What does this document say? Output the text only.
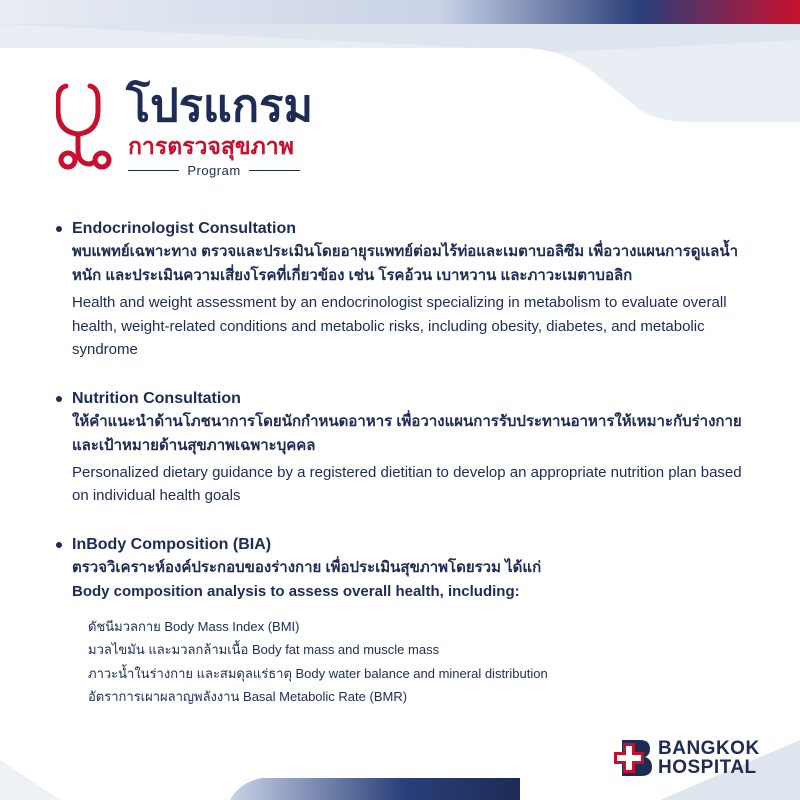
โปรแกรม
การตรวจสุขภาพ
Program
Endocrinologist Consultation
พบแพทย์เฉพาะทาง ตรวจและประเมินโดยอายุรแพทย์ต่อมไร้ท่อและเมตาบอลิซึม เพื่อวางแผนการดูแลน้ำหนัก และประเมินความเสี่ยงโรคที่เกี่ยวข้อง เช่น โรคอ้วน เบาหวาน และภาวะเมตาบอลิก
Health and weight assessment by an endocrinologist specializing in metabolism to evaluate overall health, weight-related conditions and metabolic risks, including obesity, diabetes, and metabolic syndrome
Nutrition Consultation
ให้คำแนะนำด้านโภชนาการโดยนักกำหนดอาหาร เพื่อวางแผนการรับประทานอาหารให้เหมาะกับร่างกายและเป้าหมายด้านสุขภาพเฉพาะบุคคล
Personalized dietary guidance by a registered dietitian to develop an appropriate nutrition plan based on individual health goals
InBody Composition (BIA)
ตรวจวิเคราะห์องค์ประกอบของร่างกาย เพื่อประเมินสุขภาพโดยรวม ได้แก่
Body composition analysis to assess overall health, including:
ดัชนีมวลกาย Body Mass Index (BMI)
มวลไขมัน และมวลกล้ามเนื้อ Body fat mass and muscle mass
ภาวะน้ำในร่างกาย และสมดุลแร่ธาตุ Body water balance and mineral distribution
อัตราการเผาผลาญพลังงาน Basal Metabolic Rate (BMR)
BANGKOK
HOSPITAL
